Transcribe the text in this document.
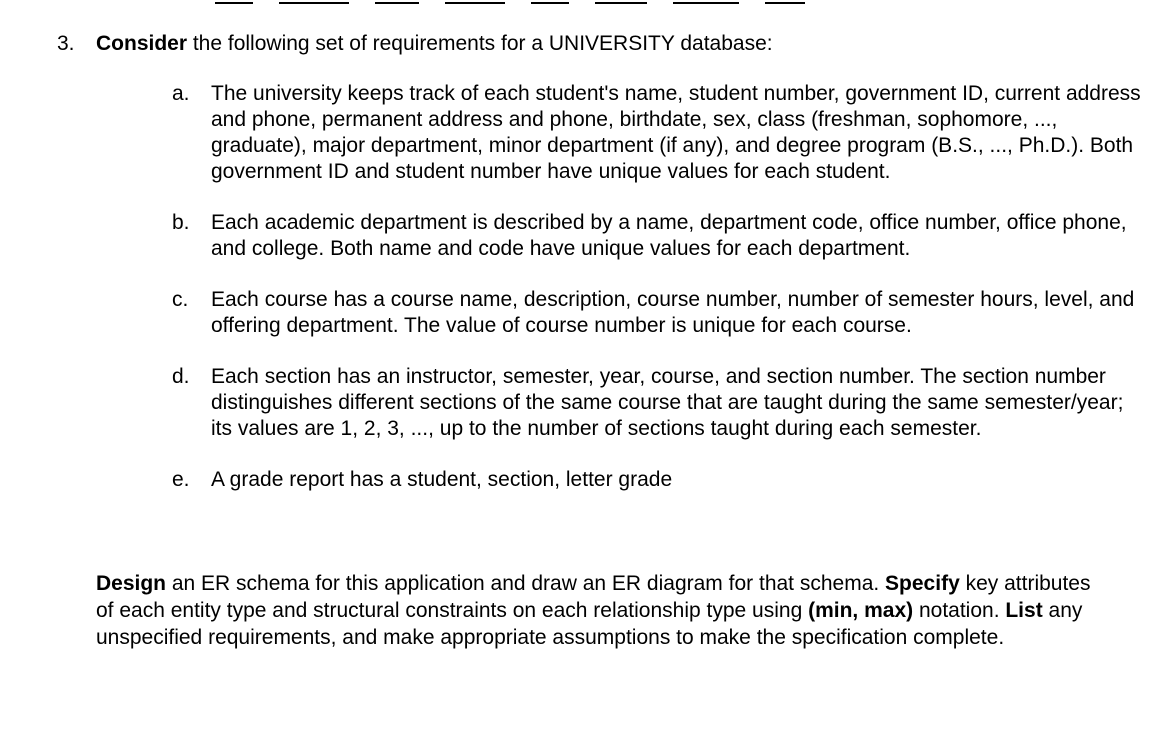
3. Consider the following set of requirements for a UNIVERSITY database:
a.	The university keeps track of each student's name, student number, government ID, current address and phone, permanent address and phone, birthdate, sex, class (freshman, sophomore, ..., graduate), major department, minor department (if any), and degree program (B.S., ..., Ph.D.). Both government ID and student number have unique values for each student.
b.	Each academic department is described by a name, department code, office number, office phone, and college. Both name and code have unique values for each department.
c.	Each course has a course name, description, course number, number of semester hours, level, and offering department. The value of course number is unique for each course.
d.	Each section has an instructor, semester, year, course, and section number. The section number distinguishes different sections of the same course that are taught during the same semester/year; its values are 1, 2, 3, ..., up to the number of sections taught during each semester.
e.	A grade report has a student, section, letter grade
Design an ER schema for this application and draw an ER diagram for that schema. Specify key attributes of each entity type and structural constraints on each relationship type using (min, max) notation. List any unspecified requirements, and make appropriate assumptions to make the specification complete.
